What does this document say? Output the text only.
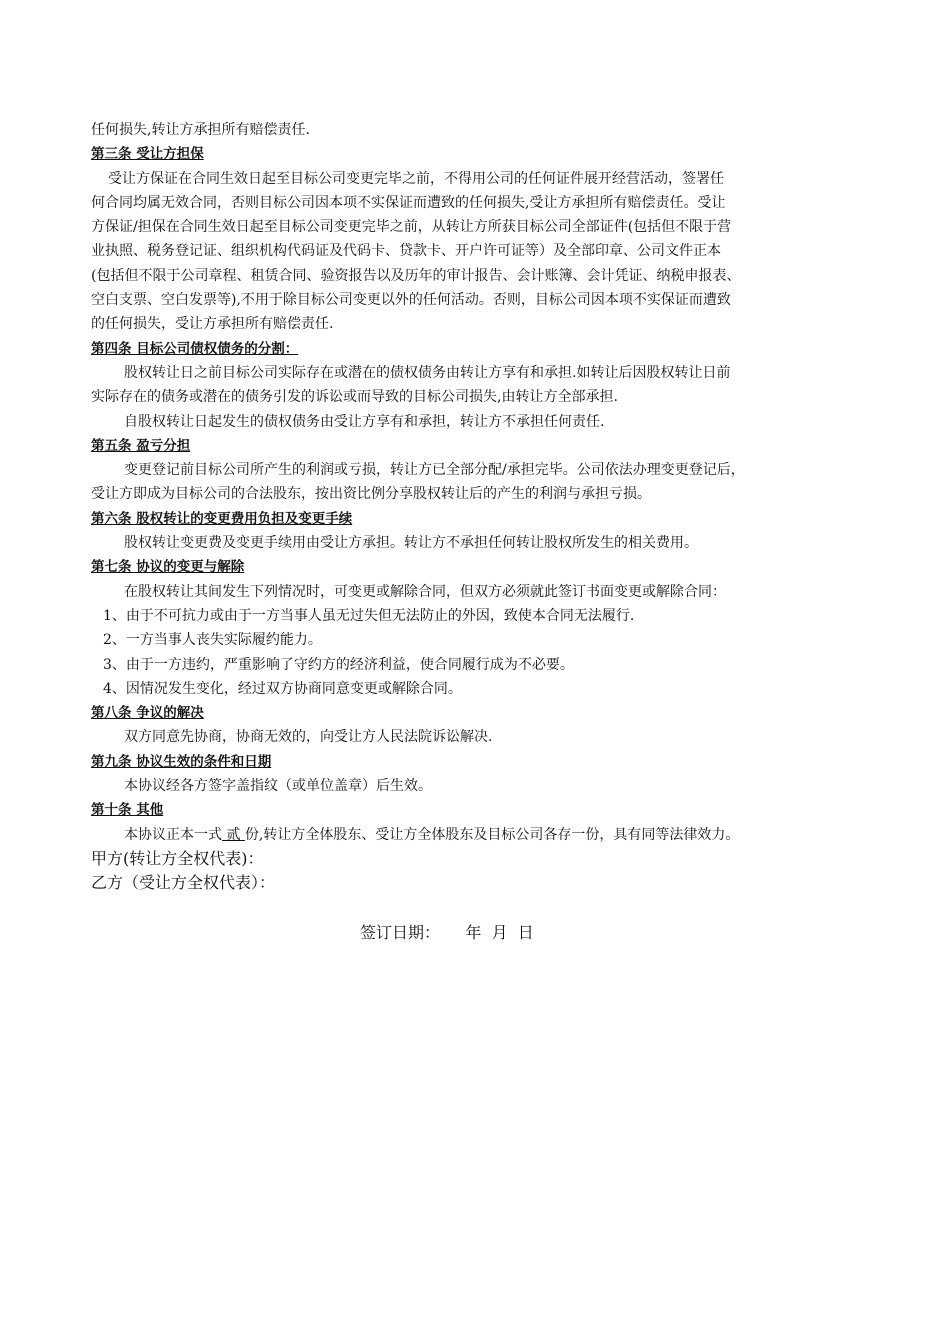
任何损失,转让方承担所有赔偿责任.
第三条 受让方担保
受让方保证在合同生效日起至目标公司变更完毕之前，不得用公司的任何证件展开经营活动，签署任
何合同均属无效合同，否则目标公司因本项不实保证而遭致的任何损失,受让方承担所有赔偿责任。受让
方保证/担保在合同生效日起至目标公司变更完毕之前，从转让方所获目标公司全部证件(包括但不限于营
业执照、税务登记证、组织机构代码证及代码卡、贷款卡、开户许可证等）及全部印章、公司文件正本
(包括但不限于公司章程、租赁合同、验资报告以及历年的审计报告、会计账簿、会计凭证、纳税申报表、
空白支票、空白发票等),不用于除目标公司变更以外的任何活动。否则，目标公司因本项不实保证而遭致
的任何损失，受让方承担所有赔偿责任.
第四条 目标公司债权债务的分割：
股权转让日之前目标公司实际存在或潜在的债权债务由转让方享有和承担.如转让后因股权转让日前
实际存在的债务或潜在的债务引发的诉讼或而导致的目标公司损失,由转让方全部承担.
自股权转让日起发生的债权债务由受让方享有和承担，转让方不承担任何责任.
第五条 盈亏分担
变更登记前目标公司所产生的利润或亏损，转让方已全部分配/承担完毕。公司依法办理变更登记后，
受让方即成为目标公司的合法股东，按出资比例分享股权转让后的产生的利润与承担亏损。
第六条 股权转让的变更费用负担及变更手续
股权转让变更费及变更手续用由受让方承担。转让方不承担任何转让股权所发生的相关费用。
第七条 协议的变更与解除
在股权转让其间发生下列情况时，可变更或解除合同，但双方必须就此签订书面变更或解除合同：
1、由于不可抗力或由于一方当事人虽无过失但无法防止的外因，致使本合同无法履行.
2、一方当事人丧失实际履约能力。
3、由于一方违约，严重影响了守约方的经济利益，使合同履行成为不必要。
4、因情况发生变化，经过双方协商同意变更或解除合同。
第八条 争议的解决
双方同意先协商，协商无效的，向受让方人民法院诉讼解决.
第九条 协议生效的条件和日期
本协议经各方签字盖指纹（或单位盖章）后生效。
第十条 其他
本协议正本一式 贰 份,转让方全体股东、受让方全体股东及目标公司各存一份，具有同等法律效力。
甲方(转让方全权代表)：
乙方（受让方全权代表）：
签订日期：     年  月  日
